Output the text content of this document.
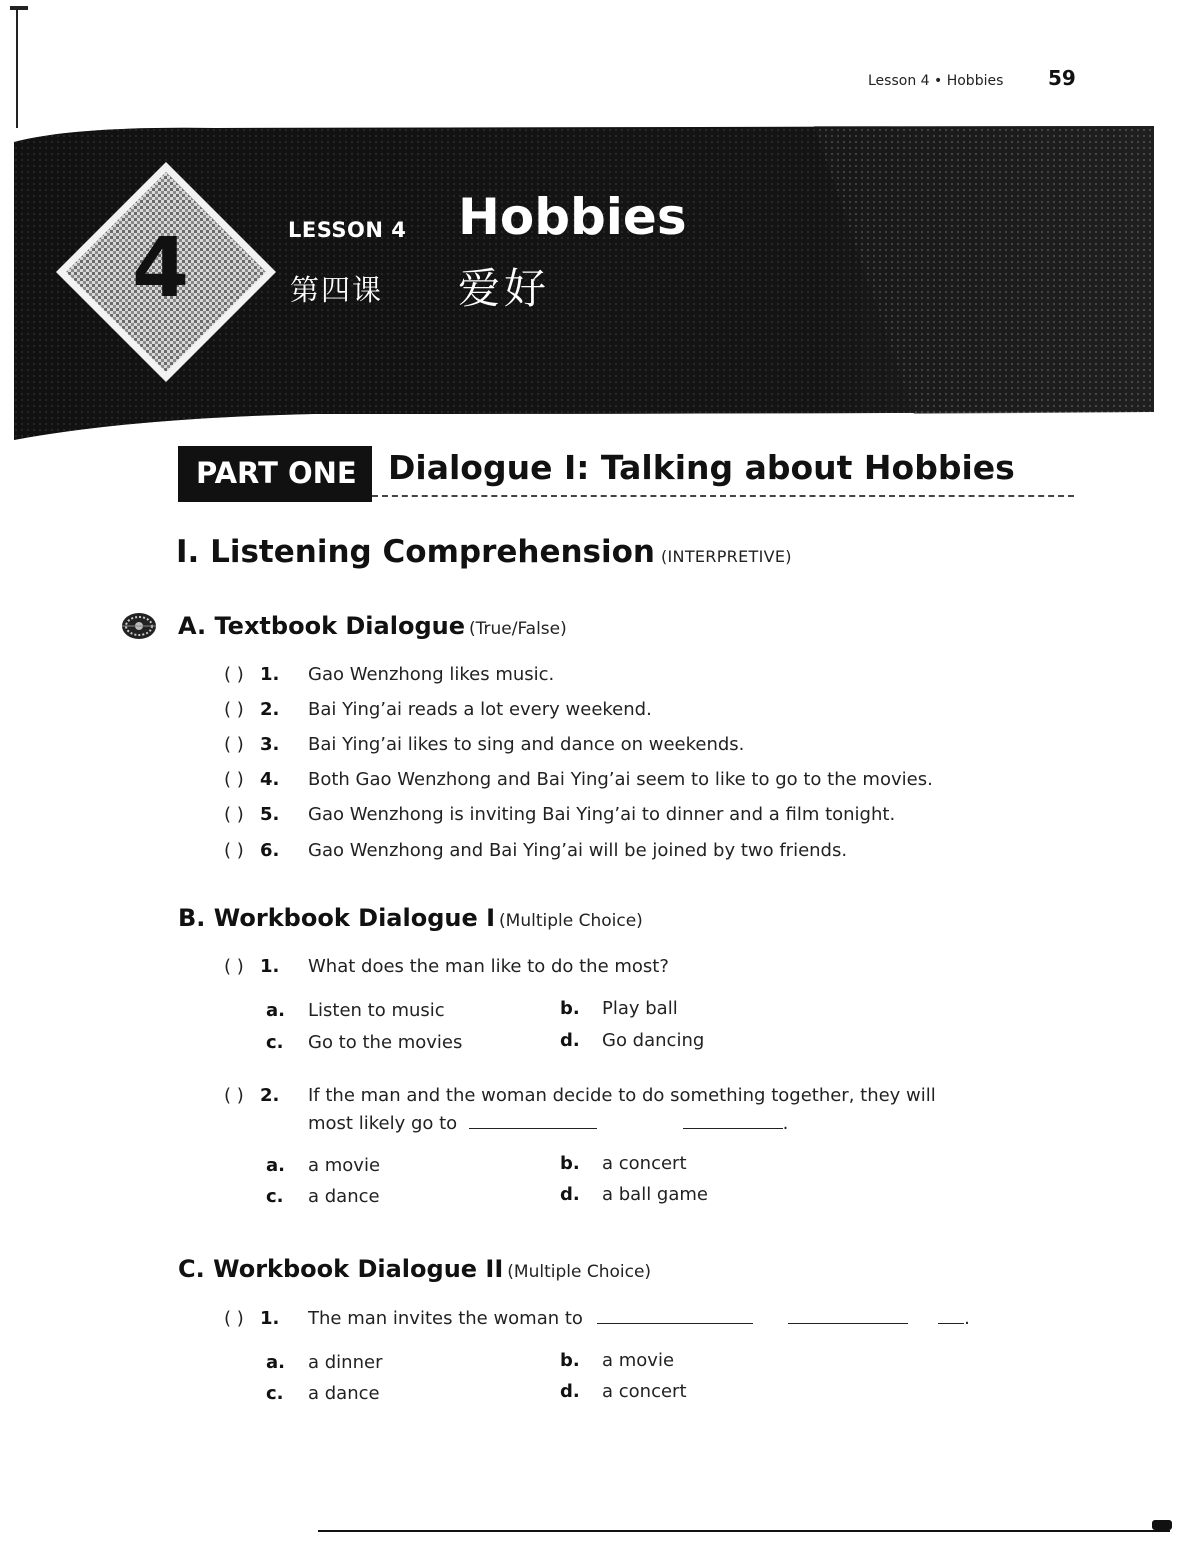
Lesson 4 • Hobbies 59
4	LESSON 4 Hobbies
第四课 爱好
PART ONE Dialogue I: Talking about Hobbies
I. Listening Comprehension (INTERPRETIVE)
A. Textbook Dialogue (True/False)
( ) 1. Gao Wenzhong likes music.
( ) 2. Bai Ying’ai reads a lot every weekend.
( ) 3. Bai Ying’ai likes to sing and dance on weekends.
( ) 4. Both Gao Wenzhong and Bai Ying’ai seem to like to go to the movies.
( ) 5. Gao Wenzhong is inviting Bai Ying’ai to dinner and a film tonight.
( ) 6. Gao Wenzhong and Bai Ying’ai will be joined by two friends.
B. Workbook Dialogue I (Multiple Choice)
( ) 1. What does the man like to do the most?
a. Listen to music	b. Play ball
c. Go to the movies	d. Go dancing
( ) 2. If the man and the woman decide to do something together, they will
most likely go to	.
a. a movie	b. a concert
c. a dance	d. a ball game
C. Workbook Dialogue II (Multiple Choice)
( ) 1. The man invites the woman to	.
a. a dinner	b. a movie
c. a dance	d. a concert
